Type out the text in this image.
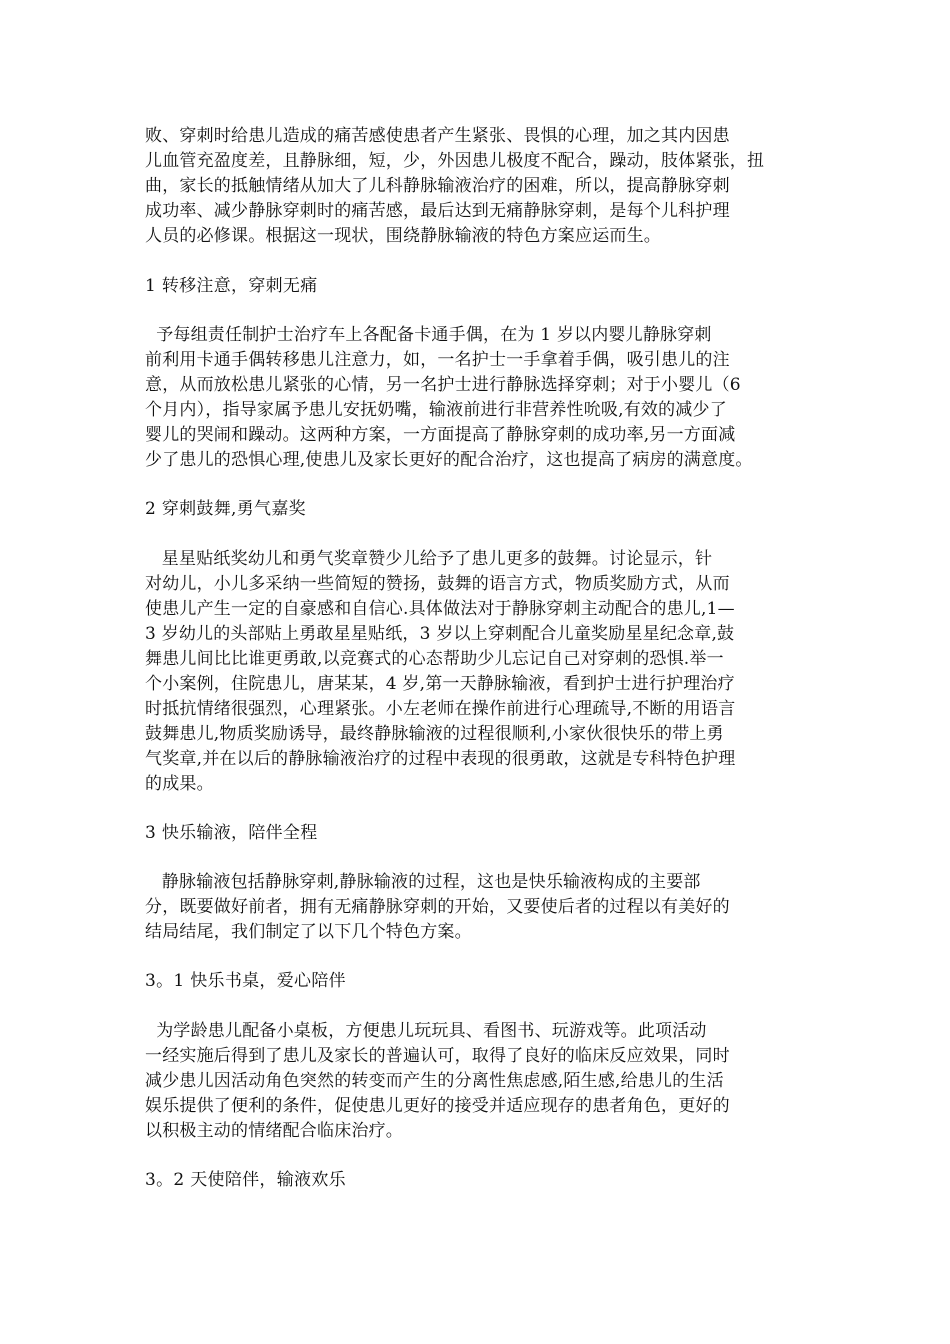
败、穿刺时给患儿造成的痛苦感使患者产生紧张、畏惧的心理，加之其内因患
儿血管充盈度差，且静脉细，短，少，外因患儿极度不配合，躁动，肢体紧张，扭
曲，家长的抵触情绪从加大了儿科静脉输液治疗的困难，所以，提高静脉穿刺
成功率、减少静脉穿刺时的痛苦感，最后达到无痛静脉穿刺，是每个儿科护理
人员的必修课。根据这一现状，围绕静脉输液的特色方案应运而生。
1 转移注意，穿刺无痛
予每组责任制护士治疗车上各配备卡通手偶，在为 1 岁以内婴儿静脉穿刺
前利用卡通手偶转移患儿注意力，如，一名护士一手拿着手偶，吸引患儿的注
意，从而放松患儿紧张的心情，另一名护士进行静脉选择穿刺；对于小婴儿（6
个月内），指导家属予患儿安抚奶嘴，输液前进行非营养性吮吸,有效的减少了
婴儿的哭闹和躁动。这两种方案，一方面提高了静脉穿刺的成功率,另一方面减
少了患儿的恐惧心理,使患儿及家长更好的配合治疗，这也提高了病房的满意度。
2 穿刺鼓舞,勇气嘉奖
星星贴纸奖幼儿和勇气奖章赞少儿给予了患儿更多的鼓舞。讨论显示，针
对幼儿，小儿多采纳一些简短的赞扬，鼓舞的语言方式，物质奖励方式，从而
使患儿产生一定的自豪感和自信心.具体做法对于静脉穿刺主动配合的患儿,1—
3 岁幼儿的头部贴上勇敢星星贴纸，3 岁以上穿刺配合儿童奖励星星纪念章,鼓
舞患儿间比比谁更勇敢,以竞赛式的心态帮助少儿忘记自己对穿刺的恐惧.举一
个小案例，住院患儿，唐某某，4 岁,第一天静脉输液，看到护士进行护理治疗
时抵抗情绪很强烈，心理紧张。小左老师在操作前进行心理疏导,不断的用语言
鼓舞患儿,物质奖励诱导，最终静脉输液的过程很顺利,小家伙很快乐的带上勇
气奖章,并在以后的静脉输液治疗的过程中表现的很勇敢，这就是专科特色护理
的成果。
3 快乐输液，陪伴全程
静脉输液包括静脉穿刺,静脉输液的过程，这也是快乐输液构成的主要部
分，既要做好前者，拥有无痛静脉穿刺的开始，又要使后者的过程以有美好的
结局结尾，我们制定了以下几个特色方案。
3。1 快乐书桌，爱心陪伴
为学龄患儿配备小桌板，方便患儿玩玩具、看图书、玩游戏等。此项活动
一经实施后得到了患儿及家长的普遍认可，取得了良好的临床反应效果，同时
减少患儿因活动角色突然的转变而产生的分离性焦虑感,陌生感,给患儿的生活
娱乐提供了便利的条件，促使患儿更好的接受并适应现存的患者角色，更好的
以积极主动的情绪配合临床治疗。
3。2 天使陪伴，输液欢乐
